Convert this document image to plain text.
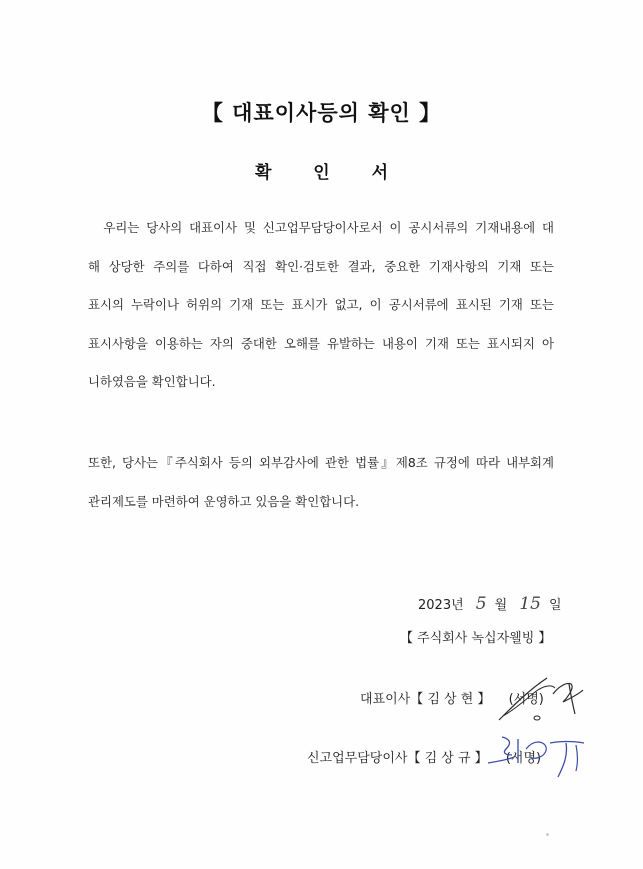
【 대표이사등의 확인 】
확 인 서
　우리는 당사의 대표이사 및 신고업무담당이사로서 이 공시서류의 기재내용에 대
해 상당한 주의를 다하여 직접 확인·검토한 결과, 중요한 기재사항의 기재 또는
표시의 누락이나 허위의 기재 또는 표시가 없고, 이 공시서류에 표시된 기재 또는
표시사항을 이용하는 자의 중대한 오해를 유발하는 내용이 기재 또는 표시되지 아
니하였음을 확인합니다.
또한, 당사는『주식회사 등의 외부감사에 관한 법률』제8조 규정에 따라 내부회계
관리제도를 마련하여 운영하고 있음을 확인합니다.
2023년 5 월 15 일
【 주식회사 녹십자웰빙 】
대표이사【 김 상 현 】 (서명)
신고업무담당이사【 김 상 규 】 (서명)
